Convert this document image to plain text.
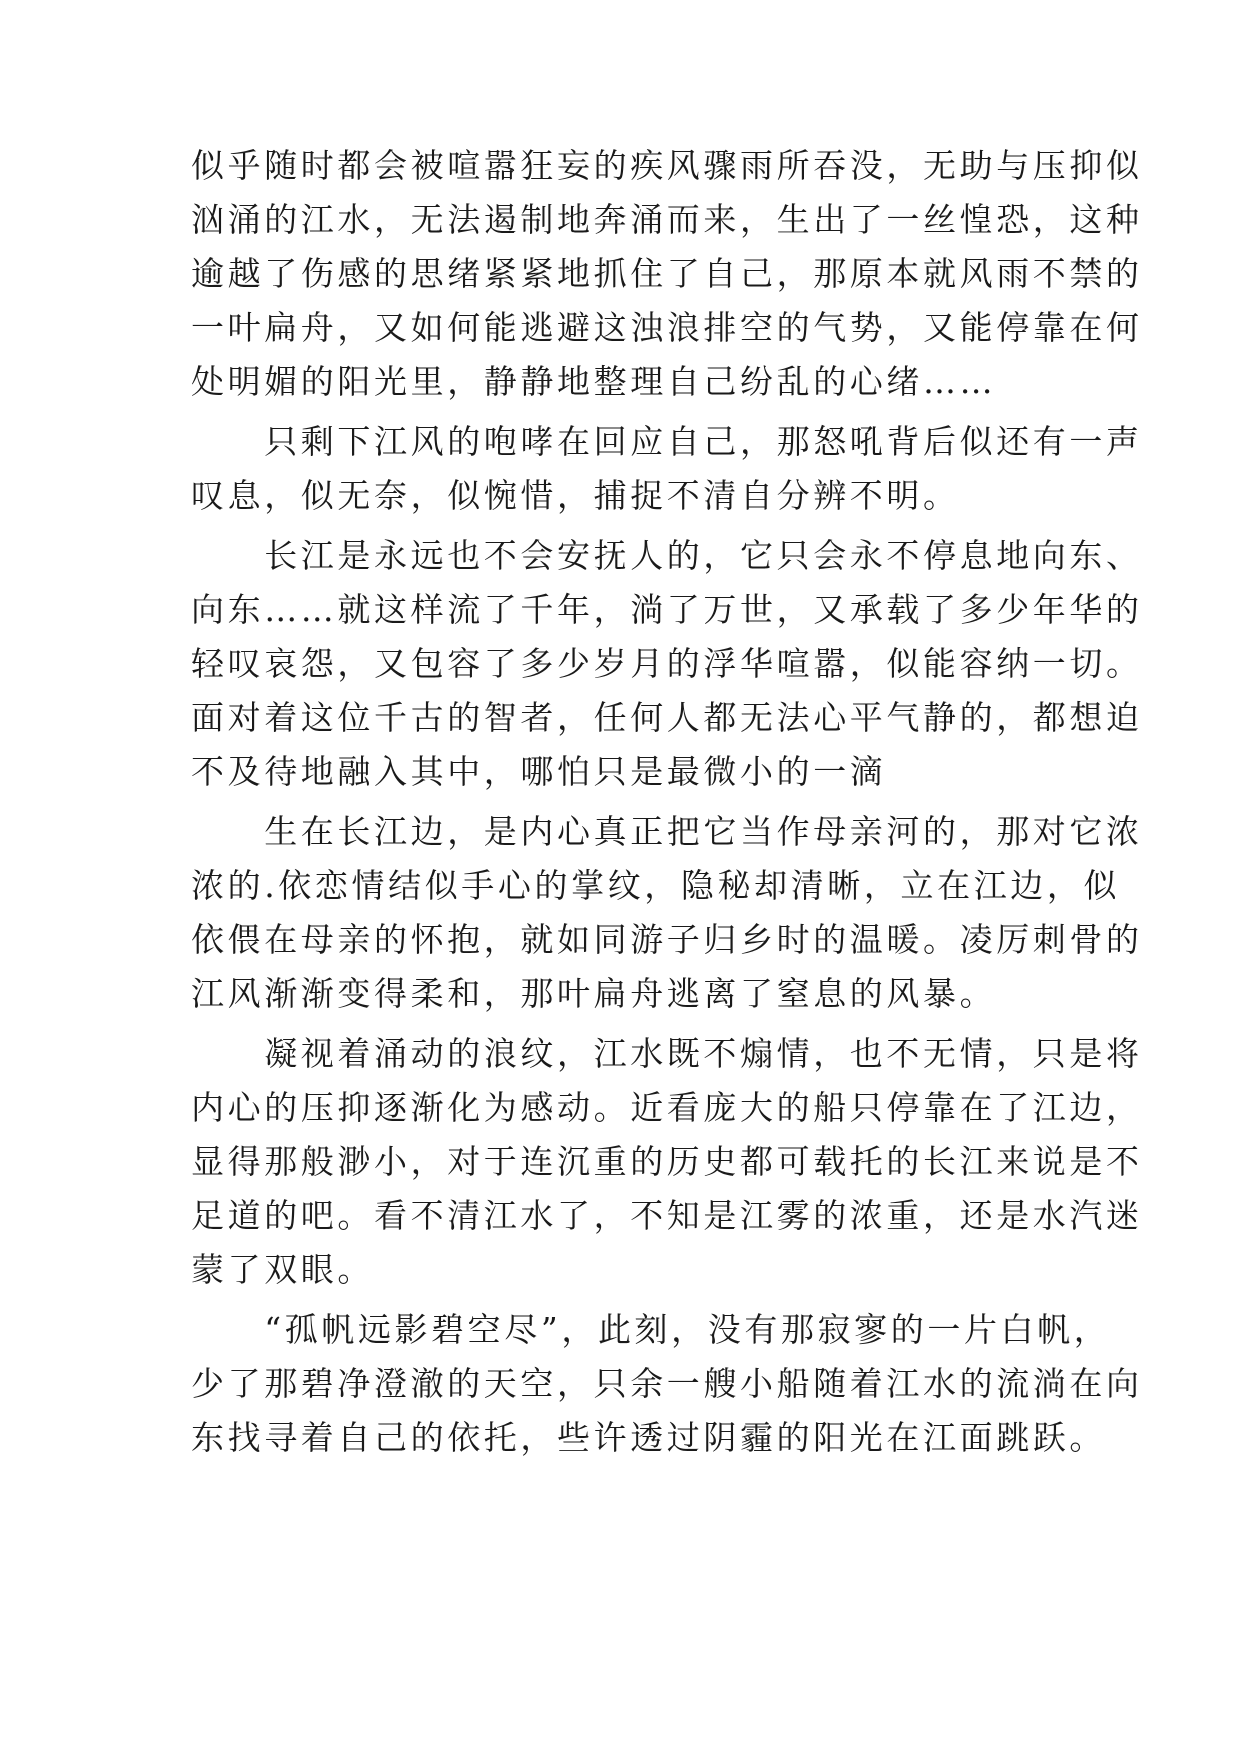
似乎随时都会被喧嚣狂妄的疾风骤雨所吞没，无助与压抑似
汹涌的江水，无法遏制地奔涌而来，生出了一丝惶恐，这种
逾越了伤感的思绪紧紧地抓住了自己，那原本就风雨不禁的
一叶扁舟，又如何能逃避这浊浪排空的气势，又能停靠在何
处明媚的阳光里，静静地整理自己纷乱的心绪……
　　只剩下江风的咆哮在回应自己，那怒吼背后似还有一声
叹息，似无奈，似惋惜，捕捉不清自分辨不明。
　　长江是永远也不会安抚人的，它只会永不停息地向东、
向东……就这样流了千年，淌了万世，又承载了多少年华的
轻叹哀怨，又包容了多少岁月的浮华喧嚣，似能容纳一切。
面对着这位千古的智者，任何人都无法心平气静的，都想迫
不及待地融入其中，哪怕只是最微小的一滴
　　生在长江边，是内心真正把它当作母亲河的，那对它浓
浓的.依恋情结似手心的掌纹，隐秘却清晰，立在江边，似
依偎在母亲的怀抱，就如同游子归乡时的温暖。凌厉刺骨的
江风渐渐变得柔和，那叶扁舟逃离了窒息的风暴。
　　凝视着涌动的浪纹，江水既不煽情，也不无情，只是将
内心的压抑逐渐化为感动。近看庞大的船只停靠在了江边，
显得那般渺小，对于连沉重的历史都可载托的长江来说是不
足道的吧。看不清江水了，不知是江雾的浓重，还是水汽迷
蒙了双眼。
　　“孤帆远影碧空尽”，此刻，没有那寂寥的一片白帆，
少了那碧净澄澈的天空，只余一艘小船随着江水的流淌在向
东找寻着自己的依托，些许透过阴霾的阳光在江面跳跃。
